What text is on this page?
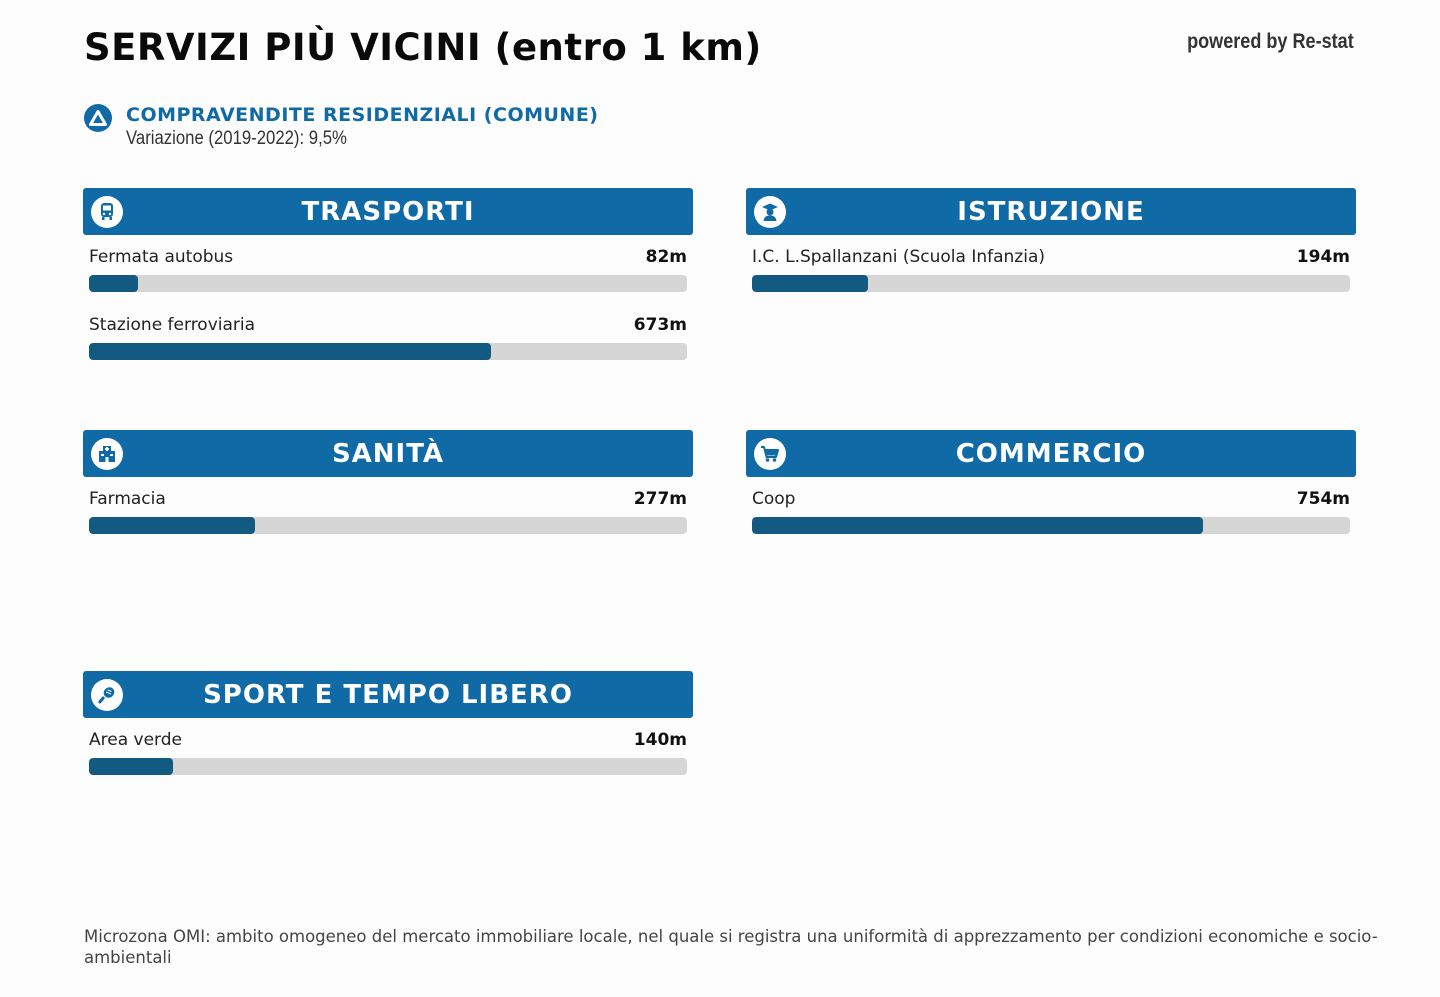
SERVIZI PIÙ VICINI (entro 1 km)	powered by Re-stat
COMPRAVENDITE RESIDENZIALI (COMUNE)
Variazione (2019-2022): 9,5%
TRASPORTI
Fermata autobus	82m
Stazione ferroviaria	673m
ISTRUZIONE
I.C. L.Spallanzani (Scuola Infanzia)	194m
SANITÀ
Farmacia	277m
COMMERCIO
Coop	754m
SPORT E TEMPO LIBERO
Area verde	140m
Microzona OMI: ambito omogeneo del mercato immobiliare locale, nel quale si registra una uniformità di apprezzamento per condizioni economiche e socio-ambientali
